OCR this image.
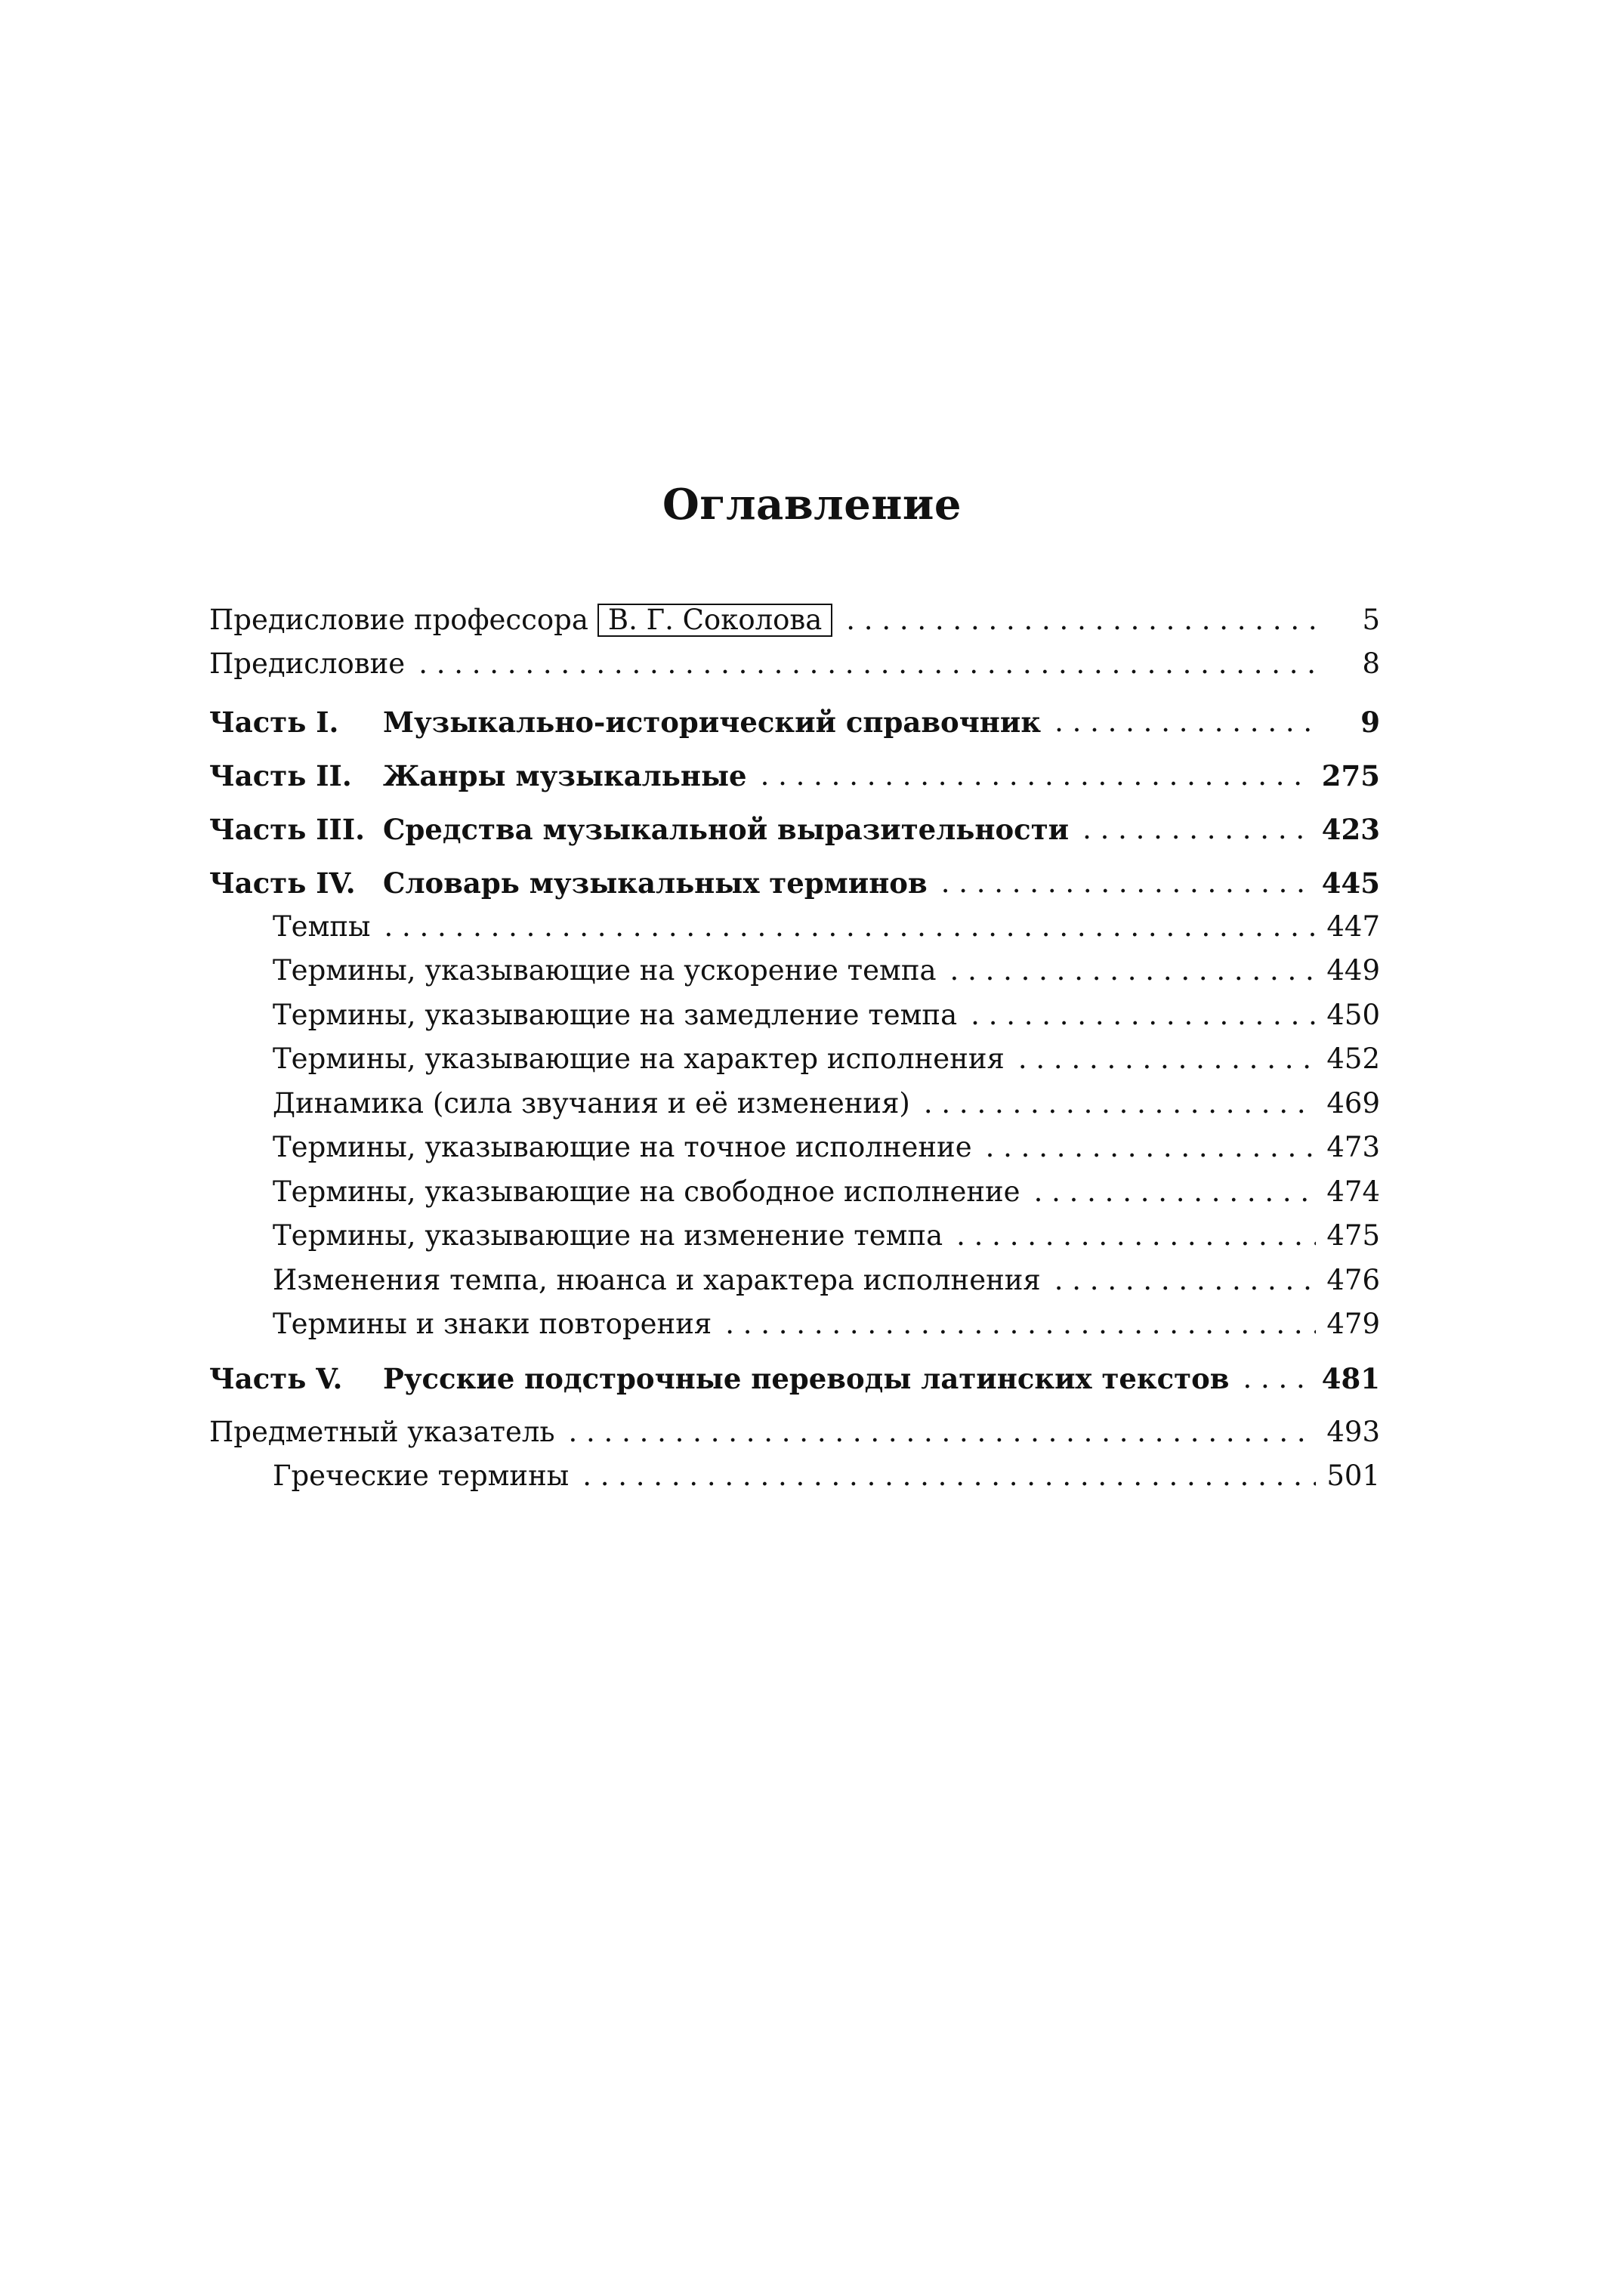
Оглавление
Предисловие профессора В. Г. Соколова . . .	5
Предисловие . . .	8
Часть I.	Музыкально-исторический справочник . . .	9
Часть II.	Жанры музыкальные . . .	275
Часть III. Средства музыкальной выразительности . . .	423
Часть IV. Словарь музыкальных терминов . . .	445
Темпы . . .	447
Термины, указывающие на ускорение темпа . . .	449
Термины, указывающие на замедление темпа . . .	450
Термины, указывающие на характер исполнения . . .	452
Динамика (сила звучания и её изменения) . . .	469
Термины, указывающие на точное исполнение . . .	473
Термины, указывающие на свободное исполнение . . .	474
Термины, указывающие на изменение темпа . . .	475
Изменения темпа, нюанса и характера исполнения . . .	476
Термины и знаки повторения . . .	479
Часть V.	Русские подстрочные переводы латинских текстов . . .	481
Предметный указатель . . .	493
Греческие термины . . .	501
